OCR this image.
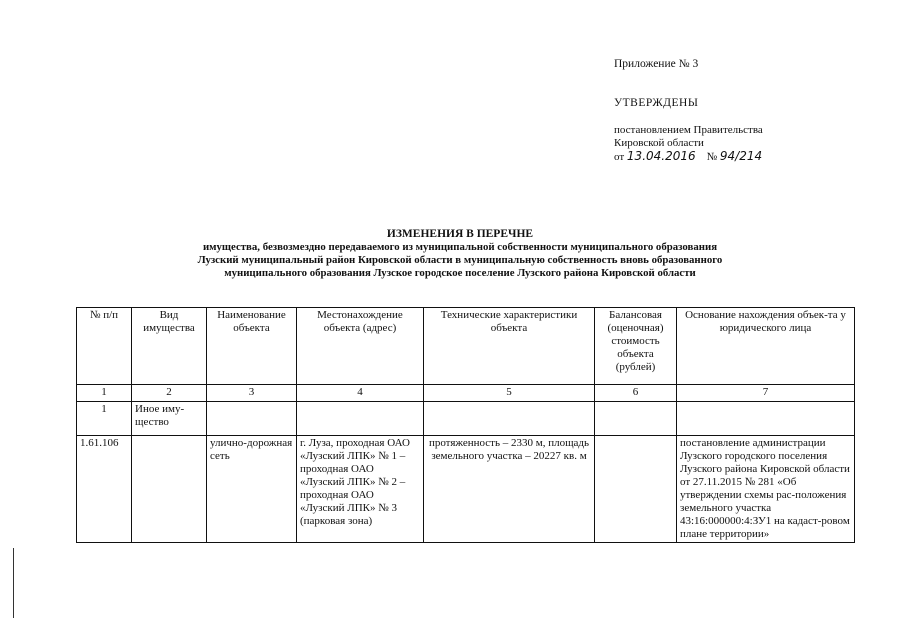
Приложение № 3
УТВЕРЖДЕНЫ
постановлением Правительства
Кировской области
от 13.04.2016 № 94/214
ИЗМЕНЕНИЯ В ПЕРЕЧНЕ
имущества, безвозмездно передаваемого из муниципальной собственности муниципального образования
Лузский муниципальный район Кировской области в муниципальную собственность вновь образованного
муниципального образования Лузское городское поселение Лузского района Кировской области
№ п/п	Вид имущества	Наименование объекта	Местонахождение объекта (адрес)	Технические характеристики объекта	Балансовая (оценочная) стоимость объекта (рублей)	Основание нахождения объек-та у юридического лица
1	2	3	4	5	6	7
1	Иное иму-щество					
1.61.106		улично-дорожная сеть	г. Луза, проходная ОАО «Лузский ЛПК» № 1 – проходная ОАО «Лузский ЛПК» № 2 – проходная ОАО «Лузский ЛПК» № 3 (парковая зона)	протяженность – 2330 м, площадь земельного участка – 20227 кв. м		постановление администрации Лузского городского поселения Лузского района Кировской области от 27.11.2015 № 281 «Об утверждении схемы рас-положения земельного участка 43:16:000000:4:ЗУ1 на кадаст-ровом плане территории»
